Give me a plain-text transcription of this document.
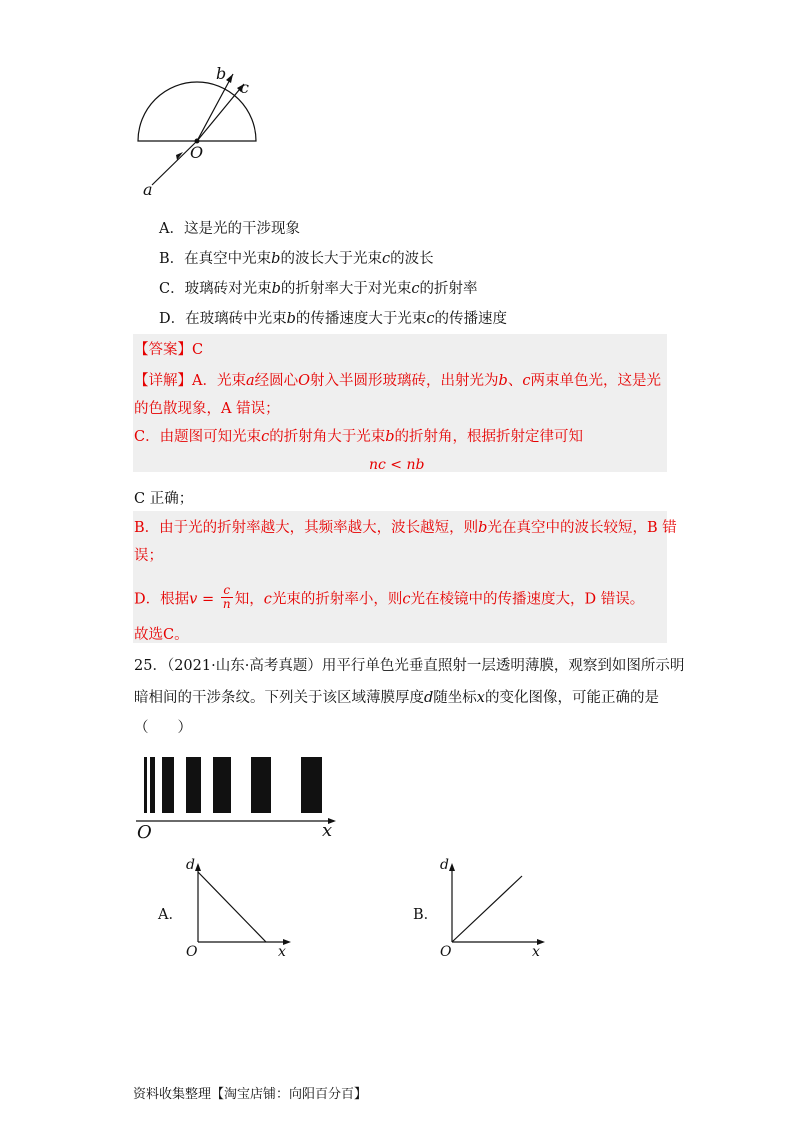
b
c
O
a
A．这是光的干涉现象
B．在真空中光束b的波长大于光束c的波长
C．玻璃砖对光束b的折射率大于对光束c的折射率
D．在玻璃砖中光束b的传播速度大于光束c的传播速度
【答案】C
【详解】A．光束a经圆心O射入半圆形玻璃砖，出射光为b、c两束单色光，这是光
的色散现象，A 错误；
C．由题图可知光束c的折射角大于光束b的折射角，根据折射定律可知
nc < nb
C 正确；
B．由于光的折射率越大，其频率越大，波长越短，则b光在真空中的波长较短，B 错
误；
D．根据$v = \frac{c}{n}$ 知，c光束的折射率小，则c光在棱镜中的传播速度大，D 错误。
故选C。
25．（2021·山东·高考真题）用平行单色光垂直照射一层透明薄膜，观察到如图所示明
暗相间的干涉条纹。下列关于该区域薄膜厚度d随坐标x的变化图像，可能正确的是
（　　）
O	x
A．
d
O	x
B．
d
O	x
资料收集整理【淘宝店铺：向阳百分百】
